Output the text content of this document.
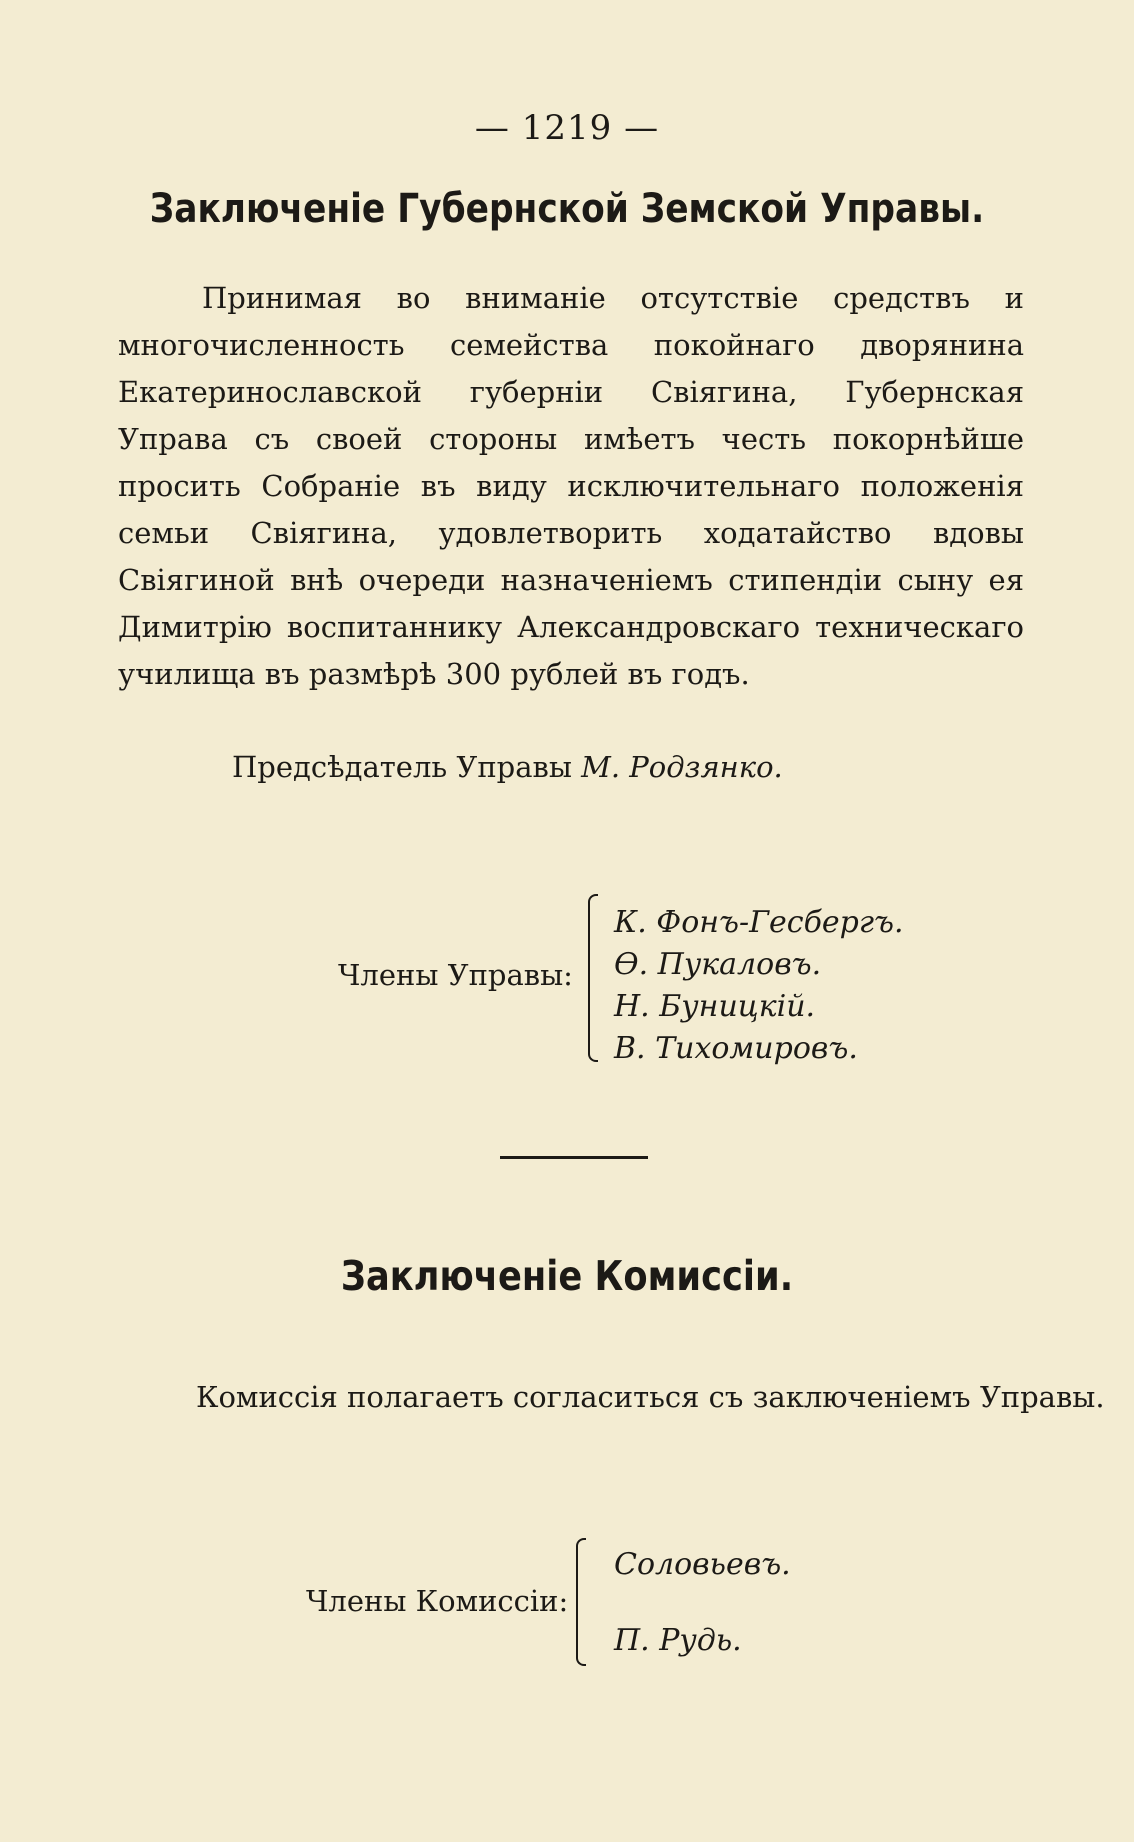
— 1219 —
Заключеніе Губернской Земской Управы.

Принимая во вниманіе отсутствіе средствъ и многочисленность семейства покойнаго дворянина Екатеринославской губерніи Свіягина, Губернская Управа съ своей стороны имѣетъ честь покорнѣйше просить Собраніе въ виду исключительнаго положенія семьи Свіягина, удовлетворить ходатайство вдовы Свіягиной внѣ очереди назначеніемъ стипендіи сыну ея Димитрію воспитаннику Александровскаго техническаго училища въ размѣрѣ 300 рублей въ годъ.

Предсѣдатель Управы М. Родзянко.
Члены Управы:
К. Фонъ-Гесбергъ.
Ѳ. Пукаловъ.
Н. Буницкій.
В. Тихомировъ.
Заключеніе Комиссіи.
Комиссія полагаетъ согласиться съ заключеніемъ Управы.
Члены Комиссіи:
Соловьевъ.
П. Рудь.
